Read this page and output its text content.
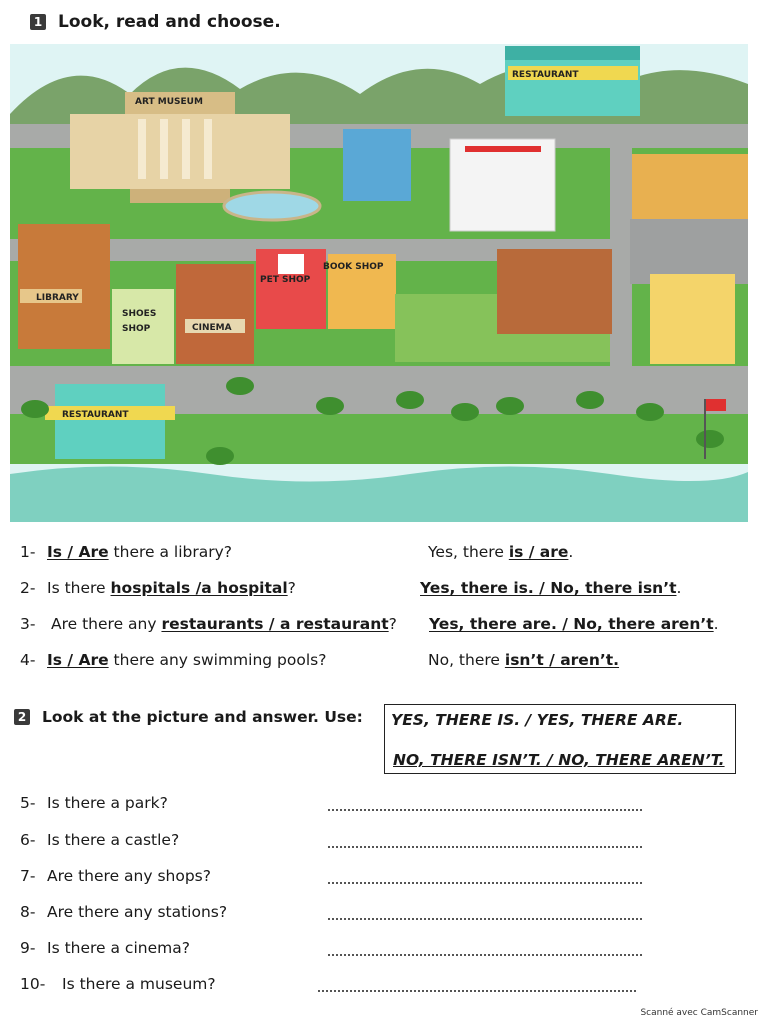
1 Look, read and choose.
ART MUSEUM
RESTAURANT
LIBRARY
SHOES
SHOP	CINEMA
PET SHOP
BOOK SHOP
RESTAURANT
1- Is / Are there a library?	Yes, there is / are.
2- Is there hospitals /a hospital?	Yes, there is. / No, there isn’t.
3- Are there any restaurants / a restaurant? Yes, there are. / No, there aren’t.
4- Is / Are there any swimming pools?	No, there isn’t / aren’t.
2 Look at the picture and answer. Use: YES, THERE IS. / YES, THERE ARE.
NO, THERE ISN’T. / NO, THERE AREN’T.
5- Is there a park?
6- Is there a castle?
7- Are there any shops?
8- Are there any stations?
9- Is there a cinema?
10- Is there a museum?
Scanné avec CamScanner
